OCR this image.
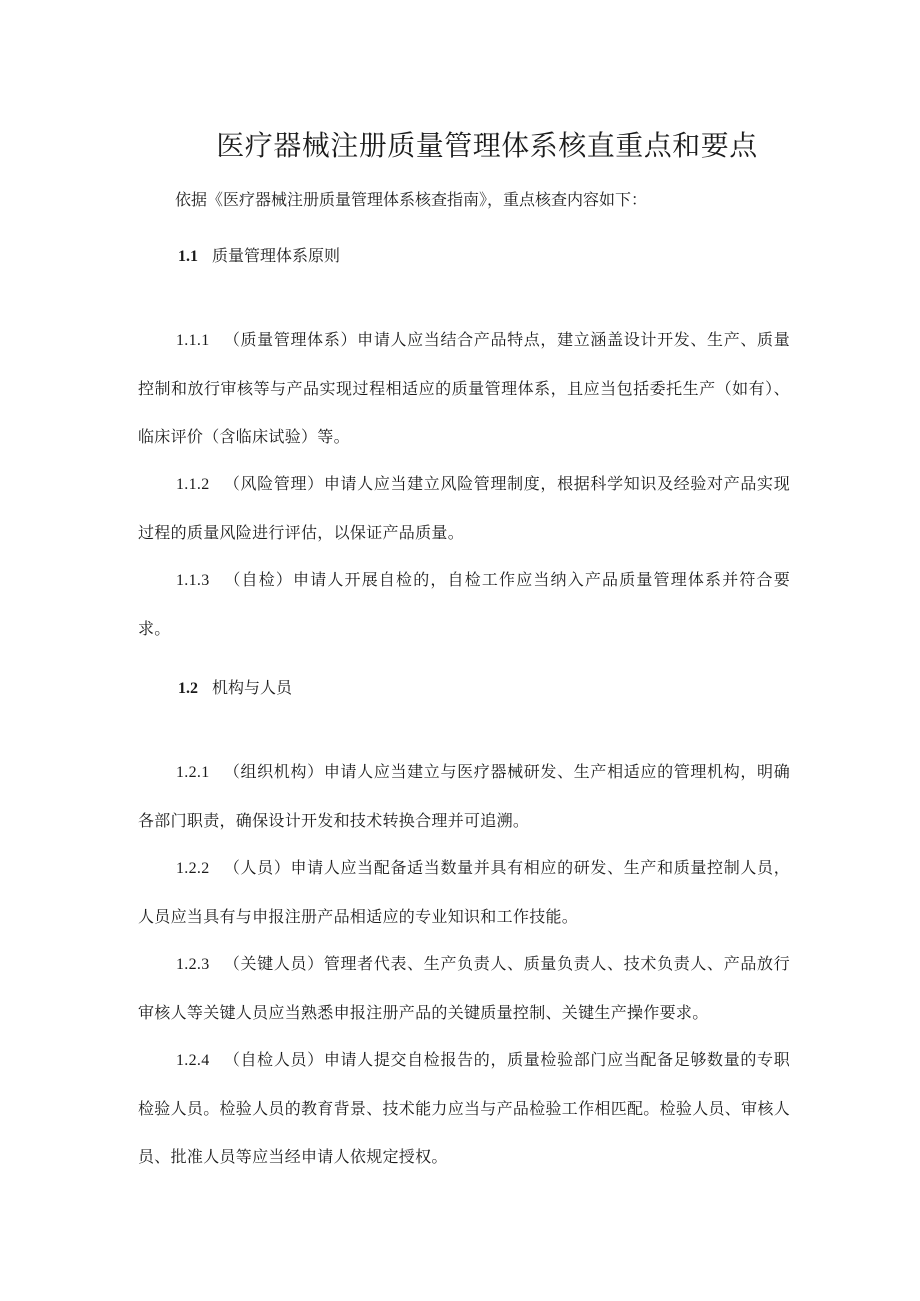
医疗器械注册质量管理体系核直重点和要点

依据《医疗器械注册质量管理体系核查指南》，重点核查内容如下：

1.1 质量管理体系原则

1.1.1 （质量管理体系）申请人应当结合产品特点，建立涵盖设计开发、生产、质量控制和放行审核等与产品实现过程相适应的质量管理体系，且应当包括委托生产（如有）、临床评价（含临床试验）等。

1.1.2 （风险管理）申请人应当建立风险管理制度，根据科学知识及经验对产品实现过程的质量风险进行评估，以保证产品质量。

1.1.3 （自检）申请人开展自检的，自检工作应当纳入产品质量管理体系并符合要求。

1.2 机构与人员

1.2.1 （组织机构）申请人应当建立与医疗器械研发、生产相适应的管理机构，明确各部门职责，确保设计开发和技术转换合理并可追溯。

1.2.2 （人员）申请人应当配备适当数量并具有相应的研发、生产和质量控制人员，人员应当具有与申报注册产品相适应的专业知识和工作技能。

1.2.3 （关键人员）管理者代表、生产负责人、质量负责人、技术负责人、产品放行审核人等关键人员应当熟悉申报注册产品的关键质量控制、关键生产操作要求。

1.2.4 （自检人员）申请人提交自检报告的，质量检验部门应当配备足够数量的专职检验人员。检验人员的教育背景、技术能力应当与产品检验工作相匹配。检验人员、审核人员、批准人员等应当经申请人依规定授权。
